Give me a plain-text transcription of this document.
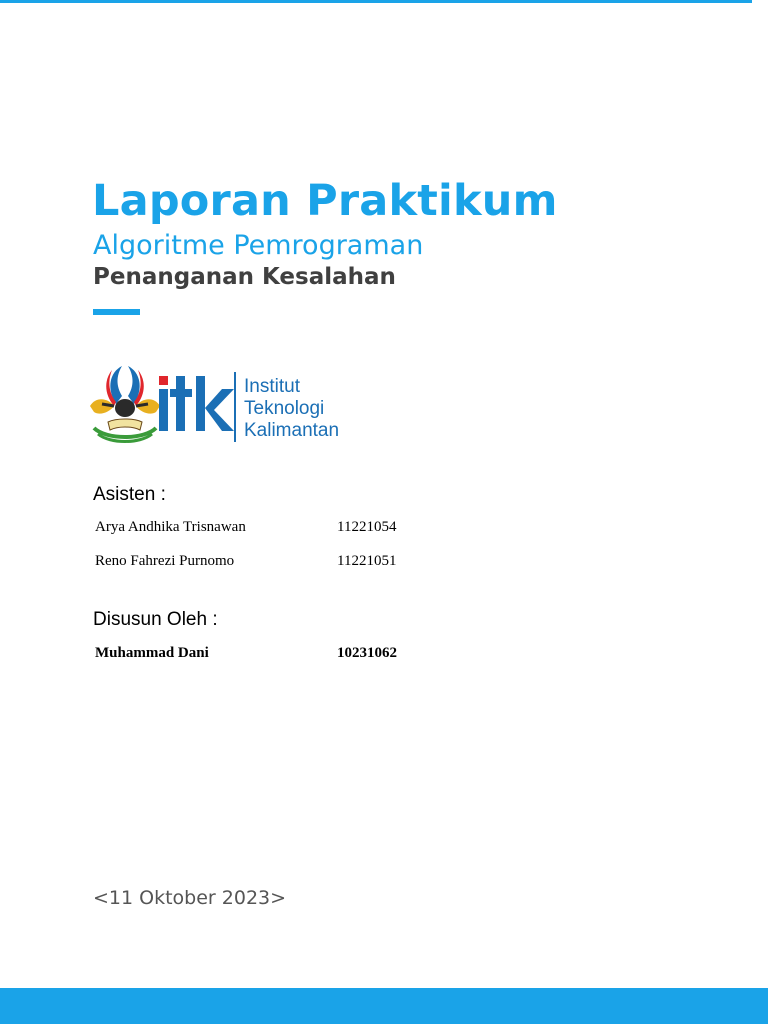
Laporan Praktikum
Algoritme Pemrograman
Penanganan Kesalahan
Institut
Teknologi
Kalimantan
Asisten :
Arya Andhika Trisnawan	11221054
Reno Fahrezi Purnomo	11221051
Disusun Oleh :
Muhammad Dani	10231062
<11 Oktober 2023>
